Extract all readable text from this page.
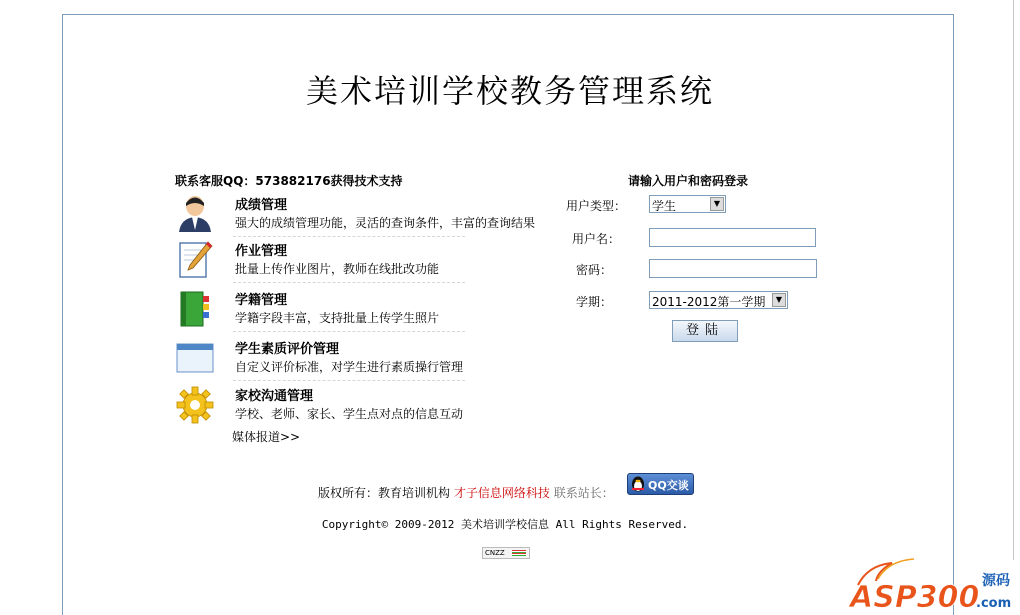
美术培训学校教务管理系统
联系客服QQ：573882176获得技术支持
成绩管理
强大的成绩管理功能，灵活的查询条件，丰富的查询结果
作业管理
批量上传作业图片，教师在线批改功能
学籍管理
学籍字段丰富，支持批量上传学生照片
学生素质评价管理
自定义评价标准，对学生进行素质操行管理
家校沟通管理
学校、老师、家长、学生点对点的信息互动
媒体报道>>
请输入用户和密码登录
用户类型： 学生	▼
用户名：
密码：
学期：	2011-2012第一学期	▼
登陆
版权所有：教育培训机构 才子信息网络科技 联系站长：
QQ交谈
Copyright© 2009-2012 美术培训学校信息 All Rights Reserved.
CNZZ
ASP300 源码
.com
